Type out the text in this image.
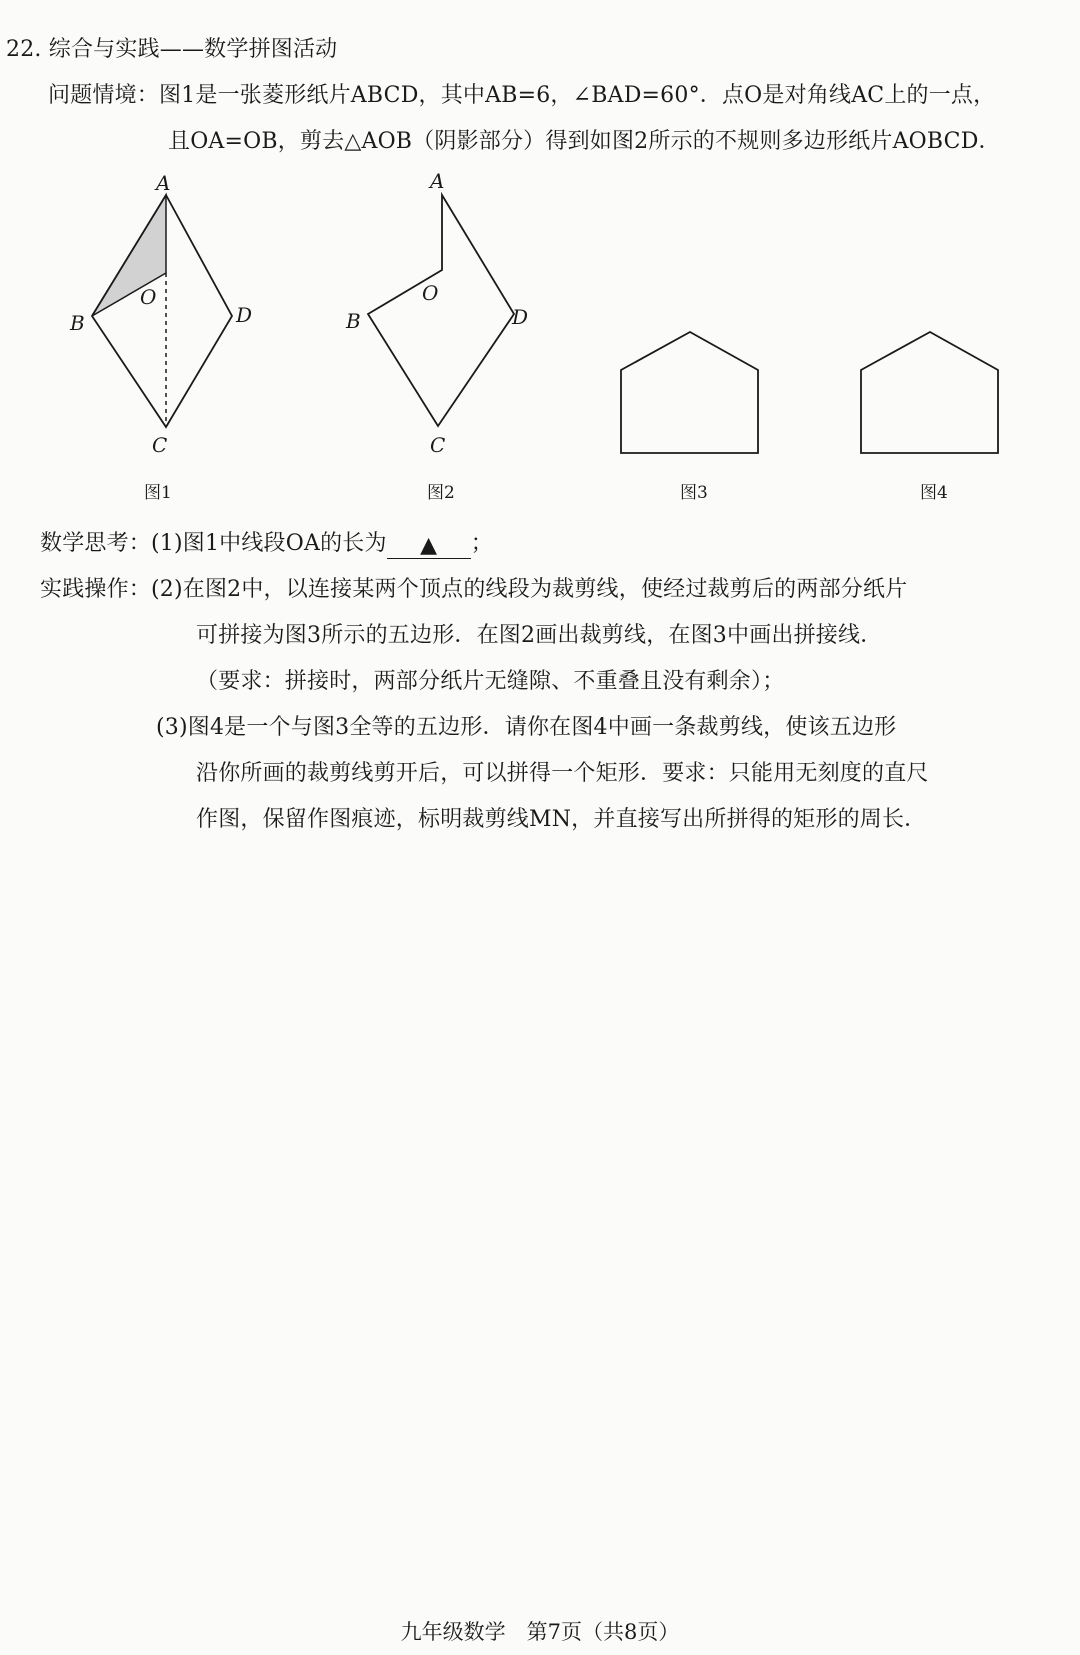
22. 综合与实践——数学拼图活动
问题情境：图1是一张菱形纸片ABCD，其中AB=6，∠BAD=60°．点O是对角线AC上的一点，
且OA=OB，剪去△AOB（阴影部分）得到如图2所示的不规则多边形纸片AOBCD．
A
B
O
D
C
图1
A
O
B	D
C
图2	图3	图4
数学思考：(1)图1中线段OA的长为 ▲ ；
实践操作：(2)在图2中，以连接某两个顶点的线段为裁剪线，使经过裁剪后的两部分纸片
可拼接为图3所示的五边形．在图2画出裁剪线，在图3中画出拼接线．
（要求：拼接时，两部分纸片无缝隙、不重叠且没有剩余）；
(3)图4是一个与图3全等的五边形．请你在图4中画一条裁剪线，使该五边形
沿你所画的裁剪线剪开后，可以拼得一个矩形．要求：只能用无刻度的直尺
作图，保留作图痕迹，标明裁剪线MN，并直接写出所拼得的矩形的周长．
九年级数学　第7页（共8页）
